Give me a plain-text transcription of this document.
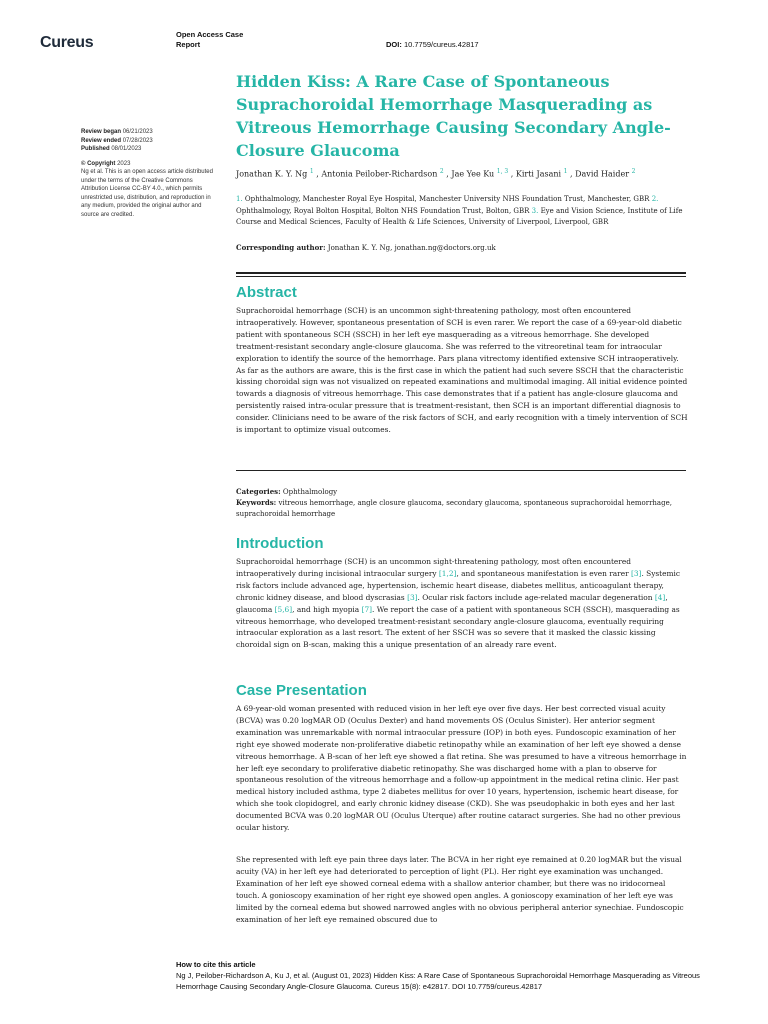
Cureus	Open Access Case
Report	DOI: 10.7759/cureus.42817
Review began 06/21/2023
Review ended 07/28/2023
Published 08/01/2023
© Copyright 2023
Ng et al. This is an open access article distributed under the terms of the Creative Commons Attribution License CC-BY 4.0., which permits unrestricted use, distribution, and reproduction in any medium, provided the original author and source are credited.
Hidden Kiss: A Rare Case of Spontaneous Suprachoroidal Hemorrhage Masquerading as Vitreous Hemorrhage Causing Secondary Angle-Closure Glaucoma
Jonathan K. Y. Ng $^1$ , Antonia Peilober-Richardson $^2$ , Jae Yee Ku $^{1, 3}$ , Kirti Jasani $^1$ , David Haider $^2$
1. Ophthalmology, Manchester Royal Eye Hospital, Manchester University NHS Foundation Trust, Manchester, GBR 2. Ophthalmology, Royal Bolton Hospital, Bolton NHS Foundation Trust, Bolton, GBR 3. Eye and Vision Science, Institute of Life Course and Medical Sciences, Faculty of Health & Life Sciences, University of Liverpool, Liverpool, GBR
Corresponding author: Jonathan K. Y. Ng, jonathan.ng@doctors.org.uk
Abstract
Suprachoroidal hemorrhage (SCH) is an uncommon sight-threatening pathology, most often encountered intraoperatively. However, spontaneous presentation of SCH is even rarer. We report the case of a 69-year-old diabetic patient with spontaneous SCH (SSCH) in her left eye masquerading as a vitreous hemorrhage. She developed treatment-resistant secondary angle-closure glaucoma. She was referred to the vitreoretinal team for intraocular exploration to identify the source of the hemorrhage. Pars plana vitrectomy identified extensive SCH intraoperatively. As far as the authors are aware, this is the first case in which the patient had such severe SSCH that the characteristic kissing choroidal sign was not visualized on repeated examinations and multimodal imaging. All initial evidence pointed towards a diagnosis of vitreous hemorrhage. This case demonstrates that if a patient has angle-closure glaucoma and persistently raised intra-ocular pressure that is treatment-resistant, then SCH is an important differential diagnosis to consider. Clinicians need to be aware of the risk factors of SCH, and early recognition with a timely intervention of SCH is important to optimize visual outcomes.
Categories: Ophthalmology
Keywords: vitreous hemorrhage, angle closure glaucoma, secondary glaucoma, spontaneous suprachoroidal hemorrhage, suprachoroidal hemorrhage
Introduction
Suprachoroidal hemorrhage (SCH) is an uncommon sight-threatening pathology, most often encountered intraoperatively during incisional intraocular surgery [1,2], and spontaneous manifestation is even rarer [3]. Systemic risk factors include advanced age, hypertension, ischemic heart disease, diabetes mellitus, anticoagulant therapy, chronic kidney disease, and blood dyscrasias [3]. Ocular risk factors include age-related macular degeneration [4], glaucoma [5,6], and high myopia [7]. We report the case of a patient with spontaneous SCH (SSCH), masquerading as vitreous hemorrhage, who developed treatment-resistant secondary angle-closure glaucoma, eventually requiring intraocular exploration as a last resort. The extent of her SSCH was so severe that it masked the classic kissing choroidal sign on B-scan, making this a unique presentation of an already rare event.
Case Presentation
A 69-year-old woman presented with reduced vision in her left eye over five days. Her best corrected visual acuity (BCVA) was 0.20 logMAR OD (Oculus Dexter) and hand movements OS (Oculus Sinister). Her anterior segment examination was unremarkable with normal intraocular pressure (IOP) in both eyes. Fundoscopic examination of her right eye showed moderate non-proliferative diabetic retinopathy while an examination of her left eye showed a dense vitreous hemorrhage. A B-scan of her left eye showed a flat retina. She was presumed to have a vitreous hemorrhage in her left eye secondary to proliferative diabetic retinopathy. She was discharged home with a plan to observe for spontaneous resolution of the vitreous hemorrhage and a follow-up appointment in the medical retina clinic. Her past medical history included asthma, type 2 diabetes mellitus for over 10 years, hypertension, ischemic heart disease, for which she took clopidogrel, and early chronic kidney disease (CKD). She was pseudophakic in both eyes and her last documented BCVA was 0.20 logMAR OU (Oculus Uterque) after routine cataract surgeries. She had no other previous ocular history.
She represented with left eye pain three days later. The BCVA in her right eye remained at 0.20 logMAR but the visual acuity (VA) in her left eye had deteriorated to perception of light (PL). Her right eye examination was unchanged. Examination of her left eye showed corneal edema with a shallow anterior chamber, but there was no iridocorneal touch. A gonioscopy examination of her right eye showed open angles. A gonioscopy examination of her left eye was limited by the corneal edema but showed narrowed angles with no obvious peripheral anterior synechiae. Fundoscopic examination of her left eye remained obscured due to
How to cite this article
Ng J, Peilober-Richardson A, Ku J, et al. (August 01, 2023) Hidden Kiss: A Rare Case of Spontaneous Suprachoroidal Hemorrhage Masquerading as Vitreous Hemorrhage Causing Secondary Angle-Closure Glaucoma. Cureus 15(8): e42817. DOI 10.7759/cureus.42817
